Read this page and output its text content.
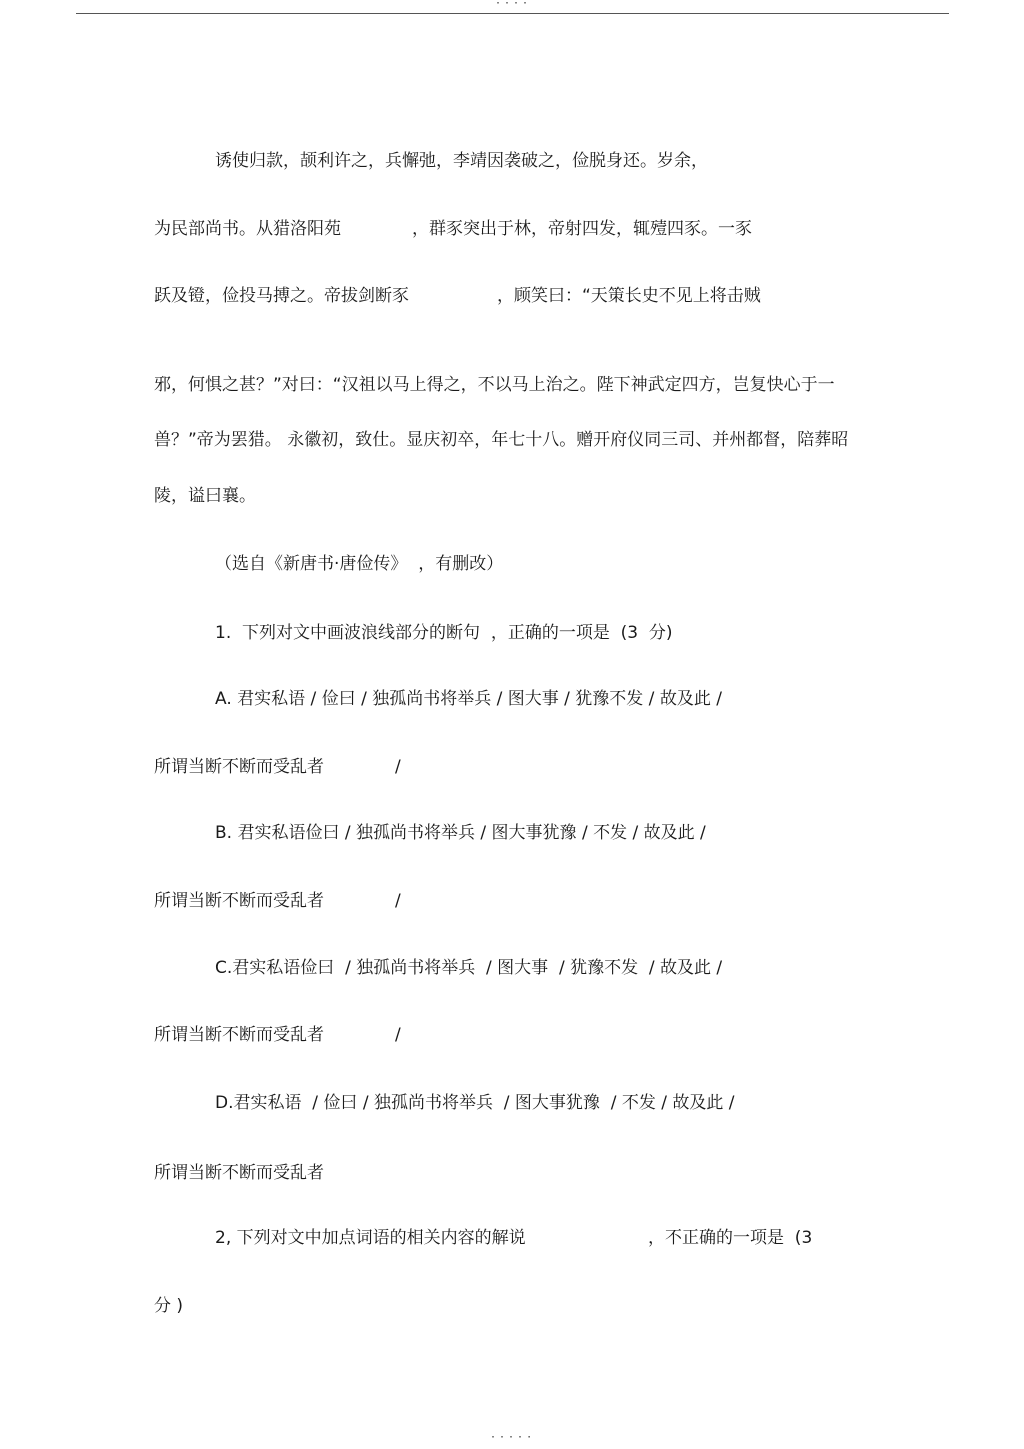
····
诱使归款，颉利许之，兵懈弛，李靖因袭破之，俭脱身还。岁余，
为民部尚书。从猎洛阳苑	，群豕突出于林，帝射四发，辄殪四豕。一豕
跃及镫，俭投马搏之。帝拔剑断豕	，顾笑曰：“天策长史不见上将击贼
邪，何惧之甚？”对曰：“汉祖以马上得之，不以马上治之。陛下神武定四方，岂复快心于一
兽？”帝为罢猎。 永徽初，致仕。显庆初卒，年七十八。赠开府仪同三司、并州都督，陪葬昭
陵，谥曰襄。
（选自《新唐书·唐俭传》  ，有删改）
1.  下列对文中画波浪线部分的断句  ，正确的一项是  (3  分)
A. 君实私语 / 俭曰 / 独孤尚书将举兵 / 图大事 / 犹豫不发 / 故及此 /
所谓当断不断而受乱者	/
B. 君实私语俭曰 / 独孤尚书将举兵 / 图大事犹豫 / 不发 / 故及此 /
所谓当断不断而受乱者	/
C.君实私语俭曰  / 独孤尚书将举兵  / 图大事  / 犹豫不发  / 故及此 /
所谓当断不断而受乱者	/
D.君实私语  / 俭曰 / 独孤尚书将举兵  / 图大事犹豫  / 不发 / 故及此 /
所谓当断不断而受乱者
2, 下列对文中加点词语的相关内容的解说	，不正确的一项是  (3
分 )
·····
